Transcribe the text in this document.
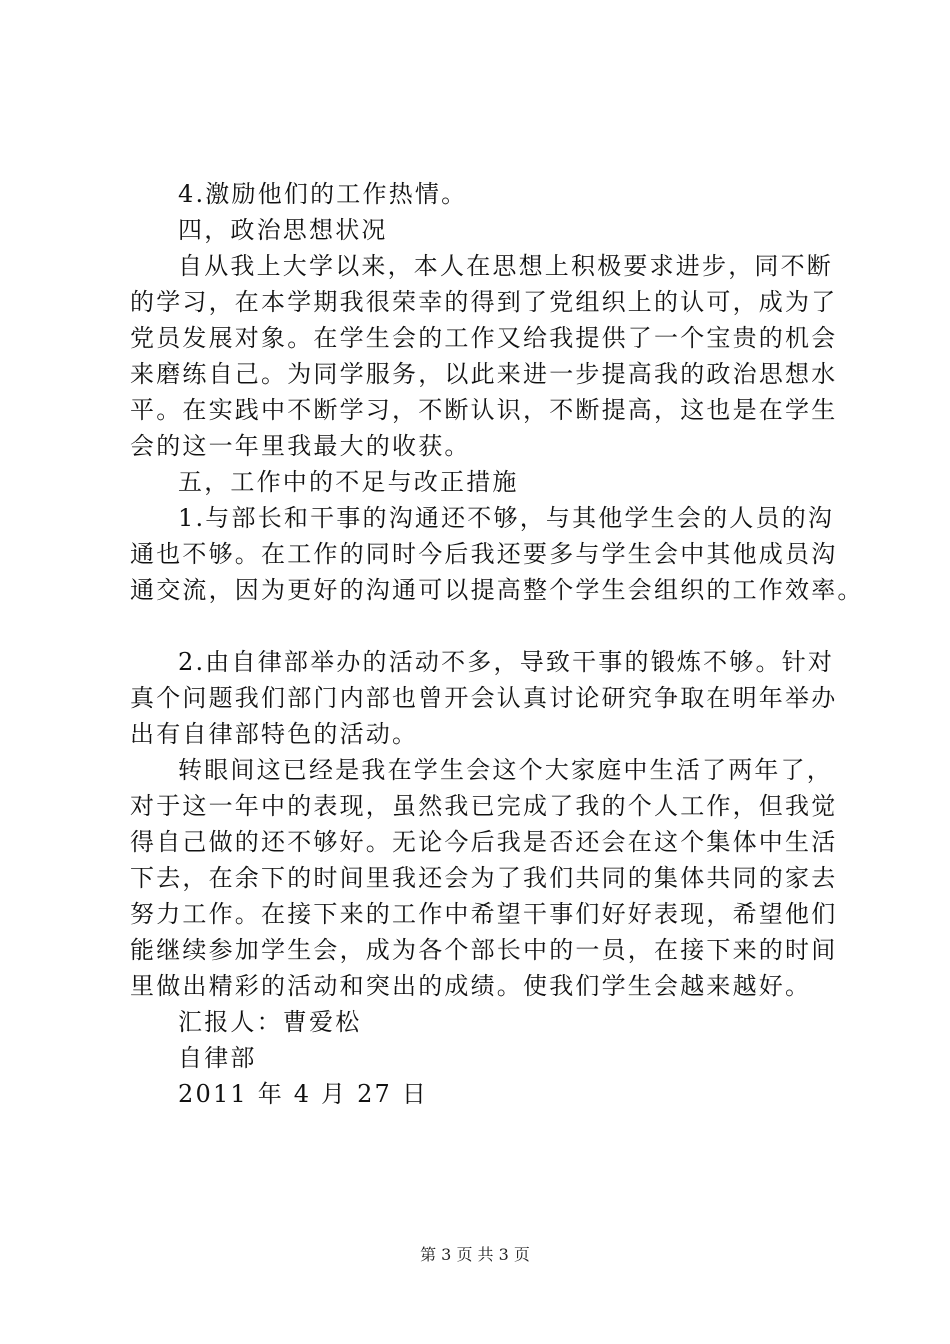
4.激励他们的工作热情。
四，政治思想状况
自从我上大学以来，本人在思想上积极要求进步，同不断
的学习，在本学期我很荣幸的得到了党组织上的认可，成为了
党员发展对象。在学生会的工作又给我提供了一个宝贵的机会
来磨练自己。为同学服务，以此来进一步提高我的政治思想水
平。在实践中不断学习，不断认识，不断提高，这也是在学生
会的这一年里我最大的收获。
五，工作中的不足与改正措施
1.与部长和干事的沟通还不够，与其他学生会的人员的沟
通也不够。在工作的同时今后我还要多与学生会中其他成员沟
通交流，因为更好的沟通可以提高整个学生会组织的工作效率。
2.由自律部举办的活动不多，导致干事的锻炼不够。针对
真个问题我们部门内部也曾开会认真讨论研究争取在明年举办
出有自律部特色的活动。
转眼间这已经是我在学生会这个大家庭中生活了两年了，
对于这一年中的表现，虽然我已完成了我的个人工作，但我觉
得自己做的还不够好。无论今后我是否还会在这个集体中生活
下去，在余下的时间里我还会为了我们共同的集体共同的家去
努力工作。在接下来的工作中希望干事们好好表现，希望他们
能继续参加学生会，成为各个部长中的一员，在接下来的时间
里做出精彩的活动和突出的成绩。使我们学生会越来越好。
汇报人：曹爱松
自律部
2011 年 4 月 27 日
第 3 页 共 3 页
